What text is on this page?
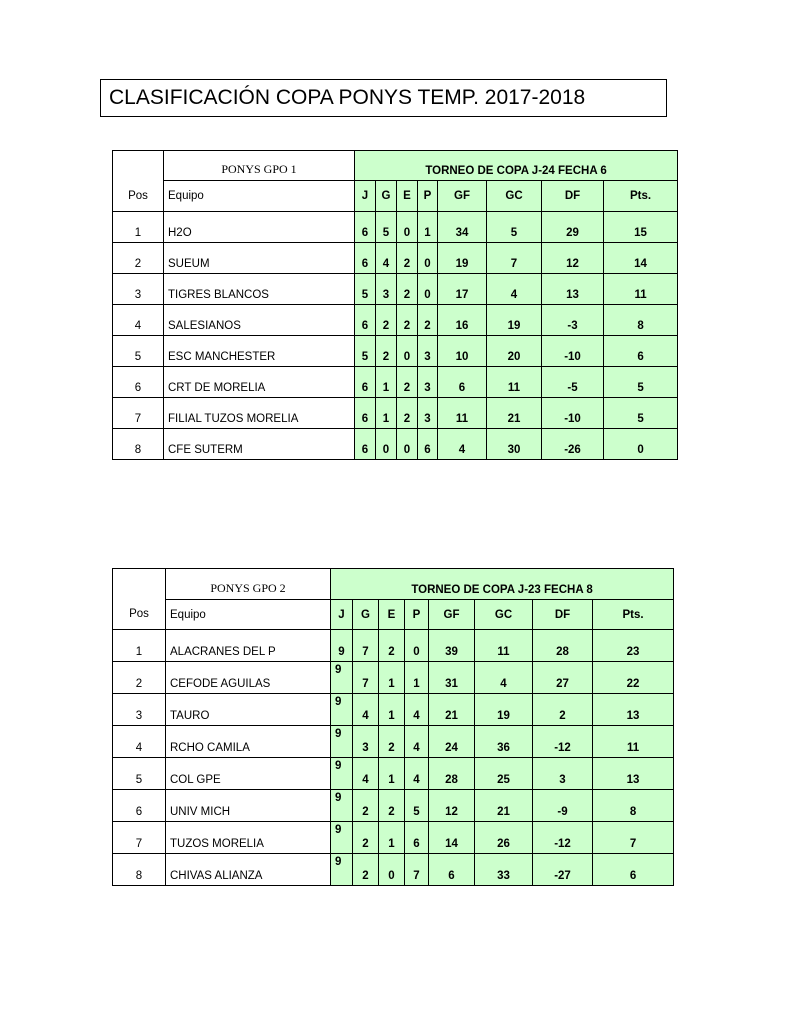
CLASIFICACIÓN COPA PONYS TEMP. 2017-2018
	PONYS GPO 1	TORNEO DE COPA J-24 FECHA 6							
Pos	Equipo	J	G	E	P	GF	GC	DF	Pts.
1	H2O	6	5	0	1	34	5	29	15
2	SUEUM	6	4	2	0	19	7	12	14
3	TIGRES BLANCOS	5	3	2	0	17	4	13	11
4	SALESIANOS	6	2	2	2	16	19	-3	8
5	ESC MANCHESTER	5	2	0	3	10	20	-10	6
6	CRT DE MORELIA	6	1	2	3	6	11	-5	5
7	FILIAL TUZOS MORELIA	6	1	2	3	11	21	-10	5
8	CFE SUTERM	6	0	0	6	4	30	-26	0
	PONYS GPO 2	TORNEO DE COPA J-23 FECHA 8							
Pos	Equipo	J	G	E	P	GF	GC	DF	Pts.
1	ALACRANES DEL P	9	7	2	0	39	11	28	23
2	CEFODE AGUILAS	9	7	1	1	31	4	27	22
3	TAURO	9	4	1	4	21	19	2	13
4	RCHO CAMILA	9	3	2	4	24	36	-12	11
5	COL GPE	9	4	1	4	28	25	3	13
6	UNIV MICH	9	2	2	5	12	21	-9	8
7	TUZOS MORELIA	9	2	1	6	14	26	-12	7
8	CHIVAS ALIANZA	9	2	0	7	6	33	-27	6
